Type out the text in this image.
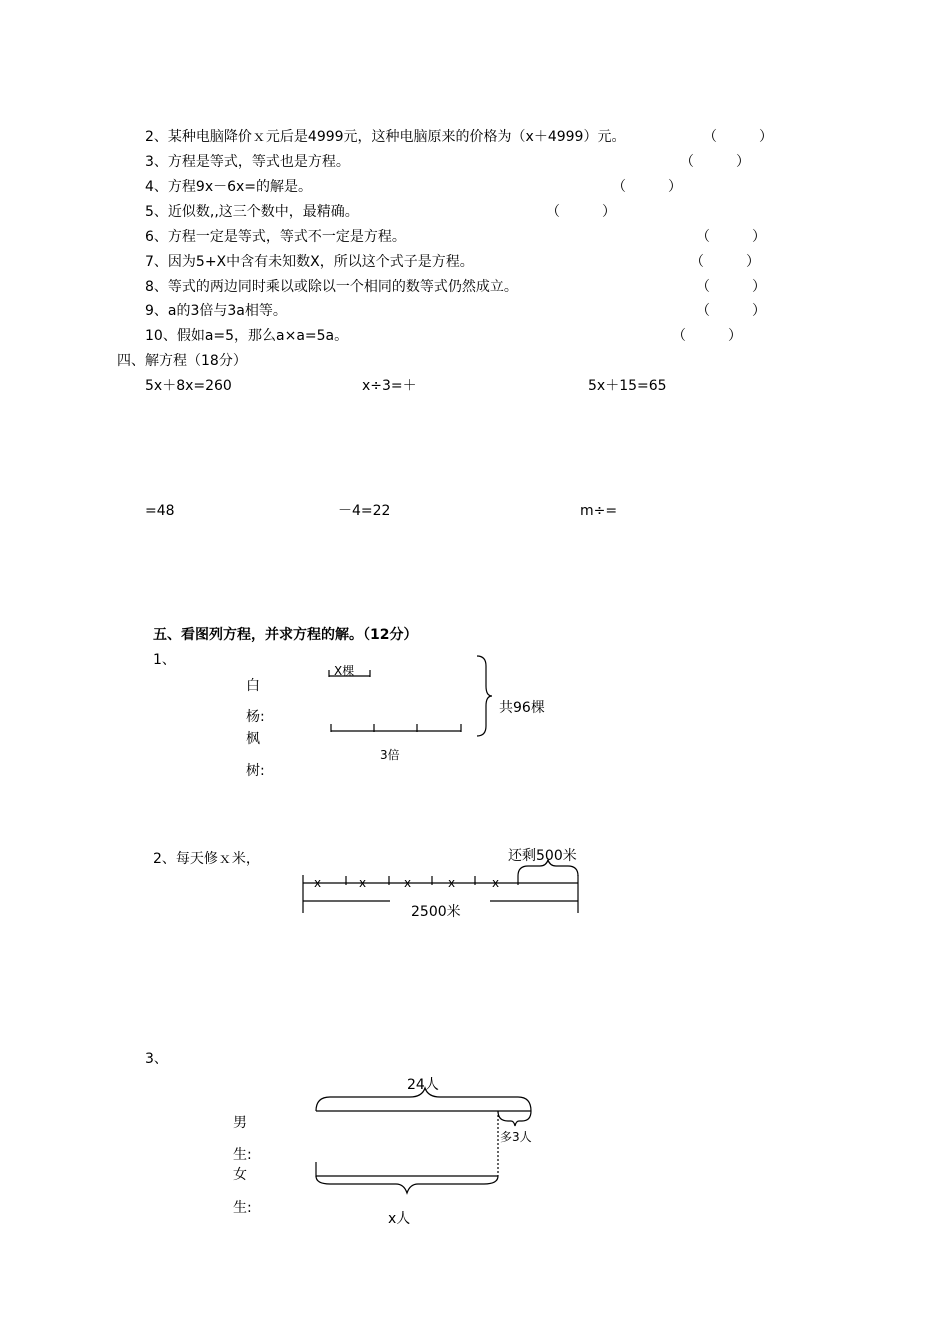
2、某种电脑降价ｘ元后是4999元，这种电脑原来的价格为（x＋4999）元。	（　　　）
3、方程是等式，等式也是方程。	（　　　）
4、方程9x－6x=的解是。	（　　　）
5、近似数,,这三个数中，最精确。	（　　　）
6、方程一定是等式，等式不一定是方程。	（　　　）
7、因为5+X中含有未知数X，所以这个式子是方程。	（　　　）
8、等式的两边同时乘以或除以一个相同的数等式仍然成立。	（　　　）
9、a的3倍与3a相等。	（　　　）
10、假如a=5，那么a×a=5a。	（　　　）
四、解方程（18分）
5x＋8x=260	x÷3=＋	5x＋15=65
=48	－4=22	m÷=
五、看图列方程，并求方程的解。（12分）
1、
白
杨:
枫
树:
X棵
3倍
共96棵
2、每天修ｘ米，	还剩500米
2500米
x	x	x	x	x
3、
男
生:
女
生:
24人
多3人
x人
